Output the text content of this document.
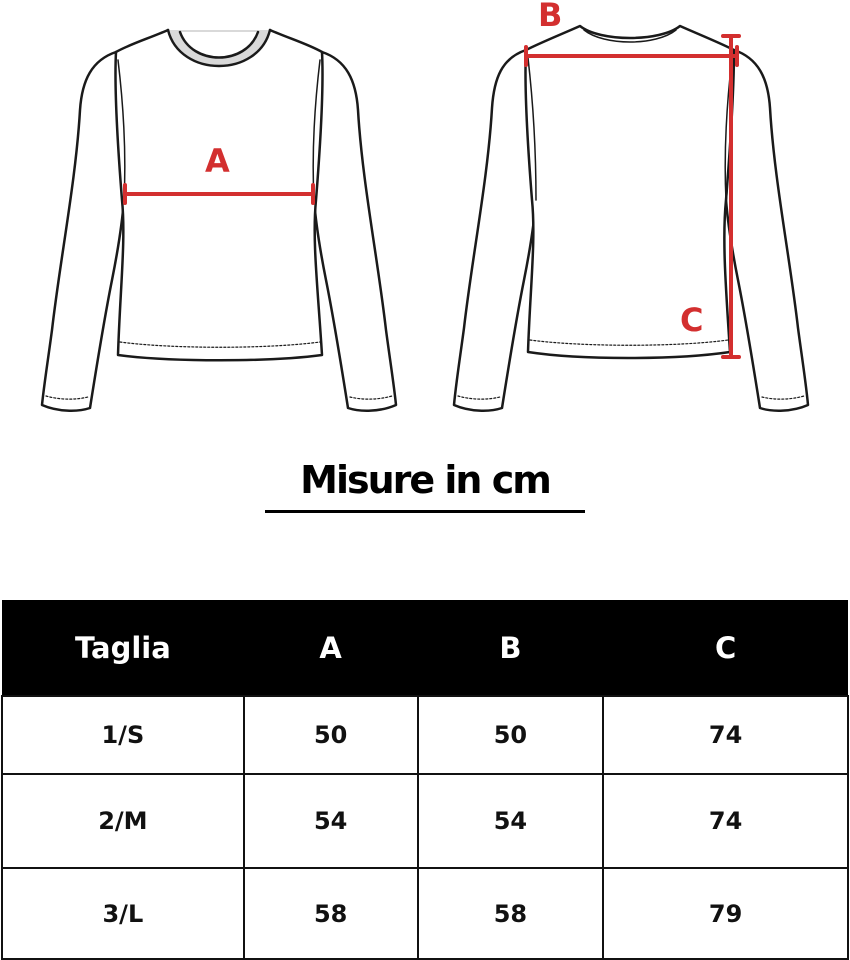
A
B
C
Misure in cm
Taglia	A	B	C
1/S	50	50	74
2/M	54	54	74
3/L	58	58	79
